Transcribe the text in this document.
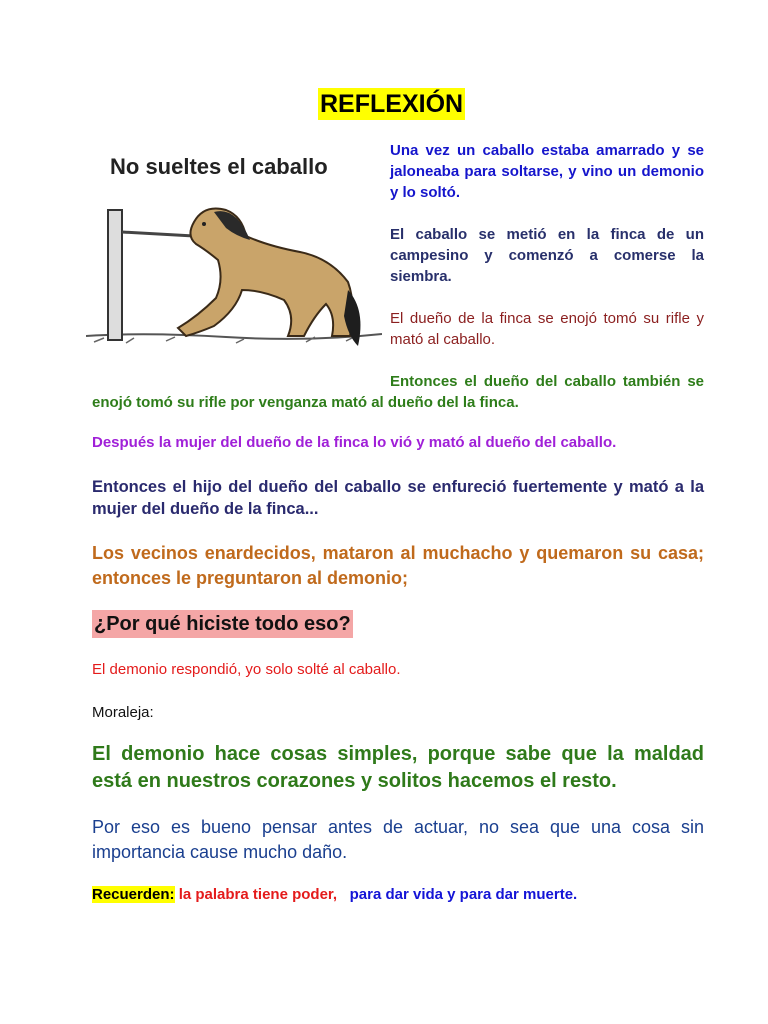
REFLEXIÓN
No sueltes el caballo

Una vez un caballo estaba amarrado y se jaloneaba para soltarse, y vino un demonio y lo soltó.

El caballo se metió en la finca de un campesino y comenzó a comerse la siembra.

El dueño de la finca se enojó tomó su rifle y mató al caballo.

Entonces el dueño del caballo también se enojó tomó su rifle por venganza mató al dueño del la finca.

Después la mujer del dueño de la finca lo vió y mató al dueño del caballo.

Entonces el hijo del dueño del caballo se enfureció fuertemente y mató a la mujer del dueño de la finca...

Los vecinos enardecidos, mataron al muchacho y quemaron su casa; entonces le preguntaron al demonio;

¿Por qué hiciste todo eso?

El demonio respondió, yo solo solté al caballo.

Moraleja:

El demonio hace cosas simples, porque sabe que la maldad está en nuestros corazones y solitos hacemos el resto.

Por eso es bueno pensar antes de actuar, no sea que una cosa sin importancia cause mucho daño.

Recuerden: la palabra tiene poder, para dar vida y para dar muerte.
